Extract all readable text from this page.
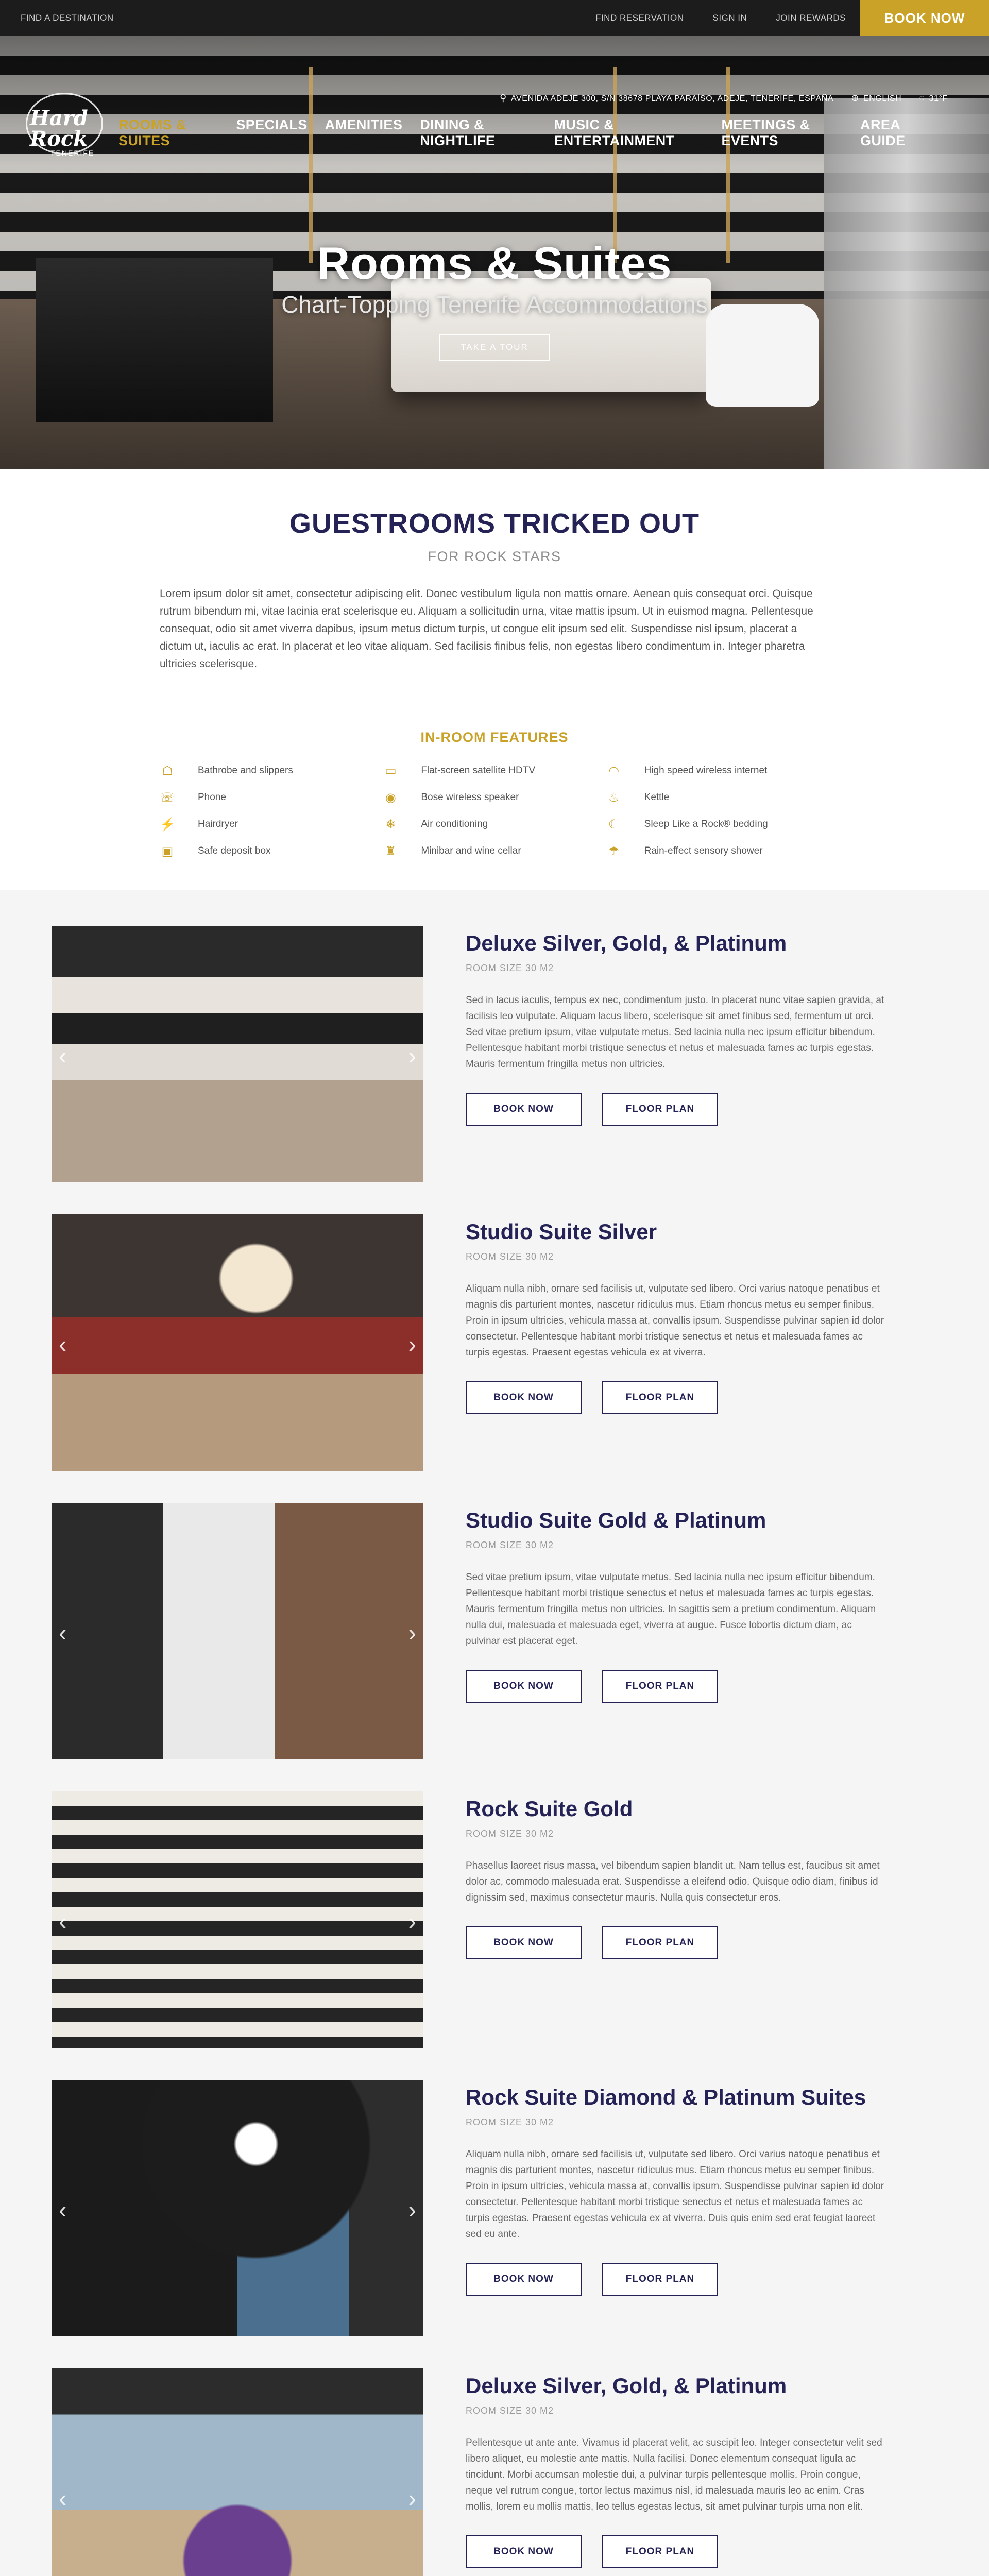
FIND A DESTINATION	FIND RESERVATION	SIGN IN	JOIN REWARDS	BOOK NOW
Hard Rock
TENERIFE
⚲ AVENIDA ADEJE 300, S/N 38678 PLAYA PARAÍSO, ADEJE, TENERIFE, ESPAÑA ⊕ ENGLISH ◌ 31°F
ROOMS & SUITES
SPECIALS AMENITIES DINING & NIGHTLIFE
MUSIC & ENTERTAINMENT
MEETINGS & EVENTS
AREA GUIDE
Rooms & Suites
Chart-Topping Tenerife Accommodations
TAKE A TOUR
GUESTROOMS TRICKED OUT
FOR ROCK STARS

Lorem ipsum dolor sit amet, consectetur adipiscing elit. Donec vestibulum ligula non mattis ornare. Aenean quis consequat orci. Quisque rutrum bibendum mi, vitae lacinia erat scelerisque eu. Aliquam a sollicitudin urna, vitae mattis ipsum. Ut in euismod magna. Pellentesque consequat, odio sit amet viverra dapibus, ipsum metus dictum turpis, ut congue elit ipsum sed elit. Suspendisse nisl ipsum, placerat a dictum ut, iaculis ac erat. In placerat et leo vitae aliquam. Sed facilisis finibus felis, non egestas libero condimentum in. Integer pharetra ultricies scelerisque.

IN-ROOM FEATURES
☖	Bathrobe and slippers	▭	Flat-screen satellite HDTV	◠	High speed wireless internet
☏ Phone	◉	Bose wireless speaker	♨	Kettle
⚡ Hairdryer	❄	Air conditioning	☾	Sleep Like a Rock® bedding
▣	Safe deposit box	♜	Minibar and wine cellar	☂	Rain-effect sensory shower
‹	›
Deluxe Silver, Gold, & Platinum
ROOM SIZE 30 M2

Sed in lacus iaculis, tempus ex nec, condimentum justo. In placerat nunc vitae sapien gravida, at facilisis leo vulputate. Aliquam lacus libero, scelerisque sit amet finibus sed, fermentum ut orci. Sed vitae pretium ipsum, vitae vulputate metus. Sed lacinia nulla nec ipsum efficitur bibendum. Pellentesque habitant morbi tristique senectus et netus et malesuada fames ac turpis egestas. Mauris fermentum fringilla metus non ultricies.

BOOK NOW	FLOOR PLAN
‹	›
Studio Suite Silver
ROOM SIZE 30 M2

Aliquam nulla nibh, ornare sed facilisis ut, vulputate sed libero. Orci varius natoque penatibus et magnis dis parturient montes, nascetur ridiculus mus. Etiam rhoncus metus eu semper finibus. Proin in ipsum ultricies, vehicula massa at, convallis ipsum. Suspendisse pulvinar sapien id dolor consectetur. Pellentesque habitant morbi tristique senectus et netus et malesuada fames ac turpis egestas. Praesent egestas vehicula ex at viverra.

BOOK NOW	FLOOR PLAN
‹	›
Studio Suite Gold & Platinum
ROOM SIZE 30 M2

Sed vitae pretium ipsum, vitae vulputate metus. Sed lacinia nulla nec ipsum efficitur bibendum. Pellentesque habitant morbi tristique senectus et netus et malesuada fames ac turpis egestas. Mauris fermentum fringilla metus non ultricies. In sagittis sem a pretium condimentum. Aliquam nulla dui, malesuada et malesuada eget, viverra at augue. Fusce lobortis dictum diam, ac pulvinar est placerat eget.

BOOK NOW	FLOOR PLAN
‹	›
Rock Suite Gold
ROOM SIZE 30 M2

Phasellus laoreet risus massa, vel bibendum sapien blandit ut. Nam tellus est, faucibus sit amet dolor ac, commodo malesuada erat. Suspendisse a eleifend odio. Quisque odio diam, finibus id dignissim sed, maximus consectetur mauris. Nulla quis consectetur eros.

BOOK NOW	FLOOR PLAN
‹	›
Rock Suite Diamond & Platinum Suites
ROOM SIZE 30 M2

Aliquam nulla nibh, ornare sed facilisis ut, vulputate sed libero. Orci varius natoque penatibus et magnis dis parturient montes, nascetur ridiculus mus. Etiam rhoncus metus eu semper finibus. Proin in ipsum ultricies, vehicula massa at, convallis ipsum. Suspendisse pulvinar sapien id dolor consectetur. Pellentesque habitant morbi tristique senectus et netus et malesuada fames ac turpis egestas. Praesent egestas vehicula ex at viverra. Duis quis enim sed erat feugiat laoreet sed eu ante.

BOOK NOW	FLOOR PLAN
‹	›
Deluxe Silver, Gold, & Platinum
ROOM SIZE 30 M2

Pellentesque ut ante ante. Vivamus id placerat velit, ac suscipit leo. Integer consectetur velit sed libero aliquet, eu molestie ante mattis. Nulla facilisi. Donec elementum consequat ligula ac tincidunt. Morbi accumsan molestie dui, a pulvinar turpis pellentesque mollis. Proin congue, neque vel rutrum congue, tortor lectus maximus nisl, id malesuada mauris leo ac enim. Cras mollis, lorem eu mollis mattis, leo tellus egestas lectus, sit amet pulvinar turpis urna non elit.

BOOK NOW	FLOOR PLAN
